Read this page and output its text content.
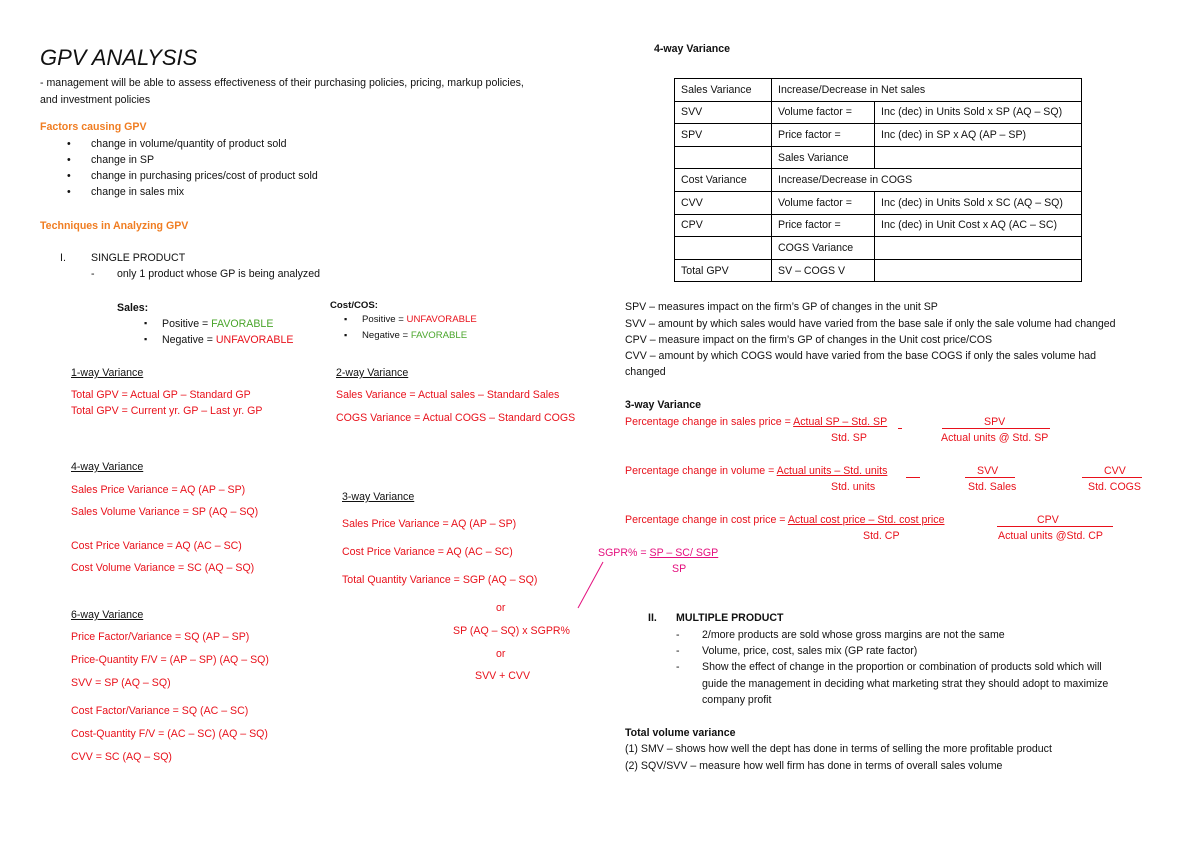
GPV ANALYSIS
- management will be able to assess effectiveness of their purchasing policies, pricing, markup policies,
and investment policies
Factors causing GPV
• change in volume/quantity of product sold
• change in SP
• change in purchasing prices/cost of product sold
• change in sales mix
Techniques in Analyzing GPV
I. SINGLE PRODUCT
- only 1 product whose GP is being analyzed
Sales:
▪ Positive = FAVORABLE
▪ Negative = UNFAVORABLE
Cost/COS:
▪ Positive = UNFAVORABLE
▪ Negative = FAVORABLE
1-way Variance
Total GPV = Actual GP – Standard GP
Total GPV = Current yr. GP – Last yr. GP
2-way Variance
Sales Variance = Actual sales – Standard Sales
COGS Variance = Actual COGS – Standard COGS
4-way Variance
Sales Price Variance = AQ (AP – SP)
Sales Volume Variance = SP (AQ – SQ)
Cost Price Variance = AQ (AC – SC)
Cost Volume Variance = SC (AQ – SQ)
3-way Variance
Sales Price Variance = AQ (AP – SP)
Cost Price Variance = AQ (AC – SC)
Total Quantity Variance = SGP (AQ – SQ)
or
SP (AQ – SQ) x SGPR%
or
SVV + CVV
SGPR% = SP – SC/ SGP
SP
6-way Variance
Price Factor/Variance = SQ (AP – SP)
Price-Quantity F/V = (AP – SP) (AQ – SQ)
SVV = SP (AQ – SQ)
Cost Factor/Variance = SQ (AC – SC)
Cost-Quantity F/V = (AC – SC) (AQ – SQ)
CVV = SC (AQ – SQ)
4-way Variance
Sales Variance	Increase/Decrease in Net sales	
SVV	Volume factor =	Inc (dec) in Units Sold x SP (AQ – SQ)
SPV	Price factor =	Inc (dec) in SP x AQ (AP – SP)
	Sales Variance	
Cost Variance	Increase/Decrease in COGS	
CVV	Volume factor =	Inc (dec) in Units Sold x SC (AQ – SQ)
CPV	Price factor =	Inc (dec) in Unit Cost x AQ (AC – SC)
	COGS Variance	
Total GPV	SV – COGS V	
SPV – measures impact on the firm’s GP of changes in the unit SP
SVV – amount by which sales would have varied from the base sale if only the sale volume had changed
CPV – measure impact on the firm’s GP of changes in the Unit cost price/COS
CVV – amount by which COGS would have varied from the base COGS if only the sales volume had
changed
3-way Variance
Percentage change in sales price = Actual SP – Std. SP
Std. SP
SPV
Actual units @ Std. SP
Percentage change in volume = Actual units – Std. units
Std. units
SVV
Std. Sales
CVV
Std. COGS
Percentage change in cost price = Actual cost price – Std. cost price
Std. CP
CPV
Actual units @Std. CP
II. MULTIPLE PRODUCT
- 2/more products are sold whose gross margins are not the same
- Volume, price, cost, sales mix (GP rate factor)
- Show the effect of change in the proportion or combination of products sold which will
guide the management in deciding what marketing strat they should adopt to maximize
company profit
Total volume variance
(1) SMV – shows how well the dept has done in terms of selling the more profitable product
(2) SQV/SVV – measure how well firm has done in terms of overall sales volume
